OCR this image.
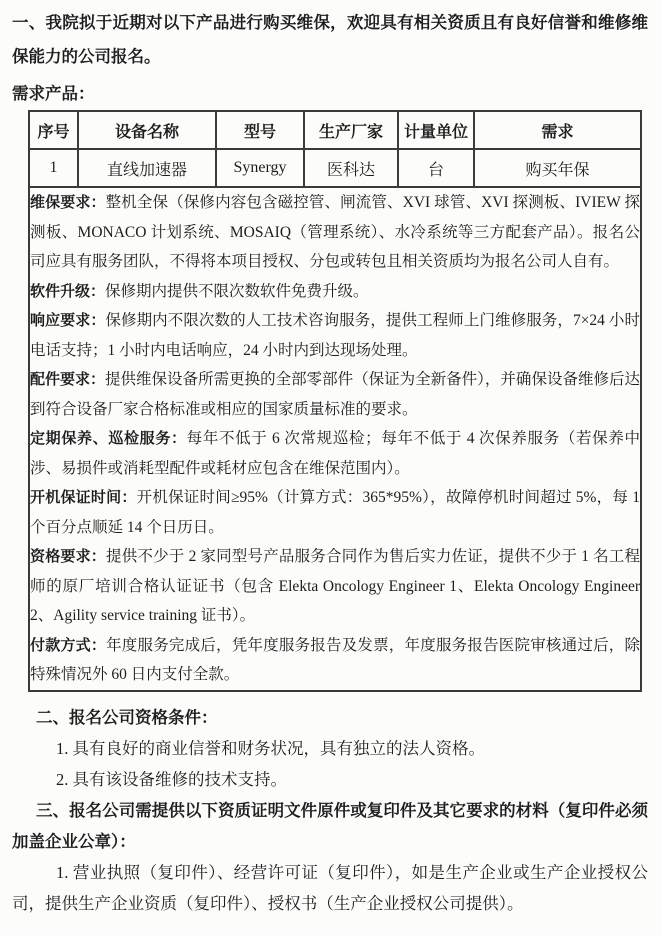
一、我院拟于近期对以下产品进行购买维保，欢迎具有相关资质且有良好信誉和维修维保能力的公司报名。

需求产品：

序号	设备名称	型号	生产厂家	计量单位	需求
1	直线加速器	Synergy	医科达	台	购买年保

维保要求：整机全保（保修内容包含磁控管、闸流管、XVI 球管、XVI 探测板、IVIEW 探测板、MONACO 计划系统、MOSAIQ（管理系统）、水冷系统等三方配套产品）。报名公司应具有服务团队，不得将本项目授权、分包或转包且相关资质均为报名公司人自有。

软件升级：保修期内提供不限次数软件免费升级。

响应要求：保修期内不限次数的人工技术咨询服务，提供工程师上门维修服务，7×24 小时电话支持；1 小时内电话响应，24 小时内到达现场处理。

配件要求：提供维保设备所需更换的全部零部件（保证为全新备件），并确保设备维修后达到符合设备厂家合格标准或相应的国家质量标准的要求。

定期保养、巡检服务：每年不低于 6 次常规巡检；每年不低于 4 次保养服务（若保养中涉、易损件或消耗型配件或耗材应包含在维保范围内）。

开机保证时间：开机保证时间≥95%（计算方式：365*95%），故障停机时间超过 5%，每 1 个百分点顺延 14 个日历日。

资格要求：提供不少于 2 家同型号产品服务合同作为售后实力佐证，提供不少于 1 名工程师的原厂培训合格认证证书（包含 Elekta Oncology Engineer 1、Elekta Oncology Engineer 2、Agility service training 证书）。

付款方式：年度服务完成后，凭年度服务报告及发票，年度服务报告医院审核通过后，除特殊情况外 60 日内支付全款。

二、报名公司资格条件：

1. 具有良好的商业信誉和财务状况，具有独立的法人资格。

2. 具有该设备维修的技术支持。

三、报名公司需提供以下资质证明文件原件或复印件及其它要求的材料（复印件必须加盖企业公章）：

1. 营业执照（复印件）、经营许可证（复印件），如是生产企业或生产企业授权公司，提供生产企业资质（复印件）、授权书（生产企业授权公司提供）。
